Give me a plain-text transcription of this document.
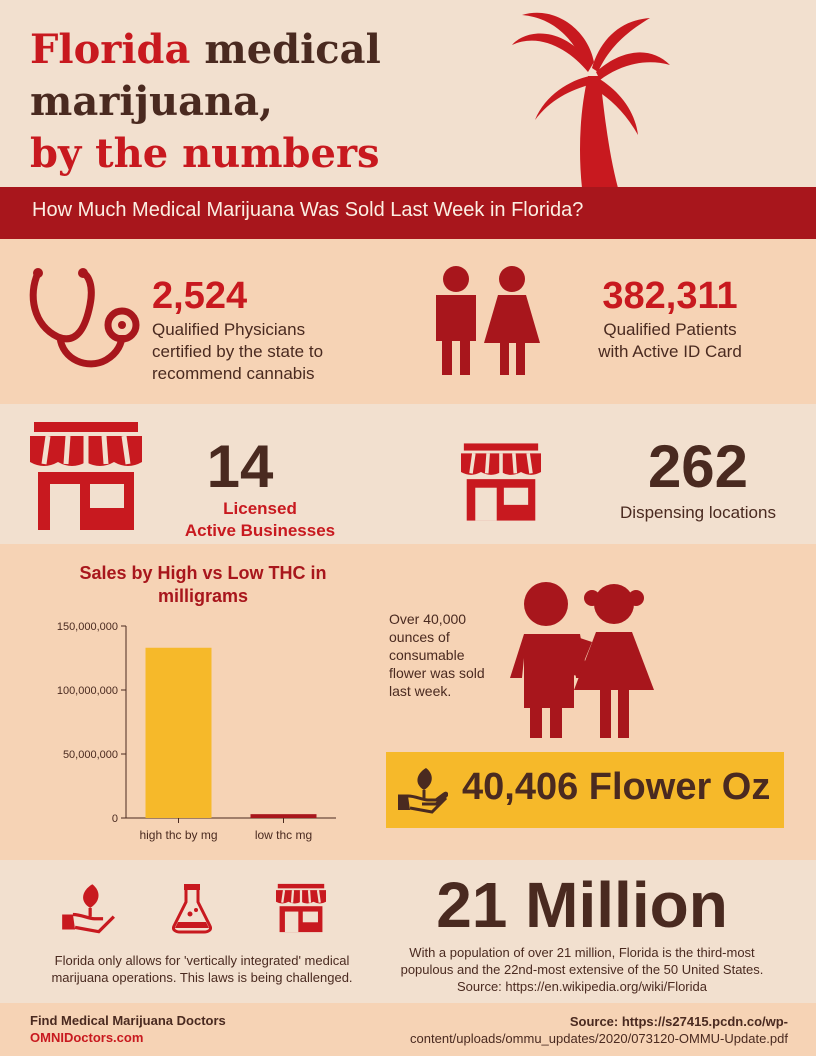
Florida medical
marijuana,
by the numbers
How Much Medical Marijuana Was Sold Last Week in Florida?
2,524
Qualified Physicians
certified by the state to
recommend cannabis
382,311
Qualified Patients
with Active ID Card
14
Licensed
Active Businesses
262
Dispensing locations
Sales by High vs Low THC in milligrams
0
50,000,000
100,000,000
150,000,000
high thc by mg	low thc mg
Over 40,000
ounces of
consumable
flower was sold
last week.
40,406 Flower Oz
Florida only allows for 'vertically integrated' medical
marijuana operations. This laws is being challenged.
21 Million
With a population of over 21 million, Florida is the third-most
populous and the 22nd-most extensive of the 50 United States.
Source: https://en.wikipedia.org/wiki/Florida
Find Medical Marijuana Doctors
OMNIDoctors.com
Source: https://s27415.pcdn.co/wp-
content/uploads/ommu_updates/2020/073120-OMMU-Update.pdf
